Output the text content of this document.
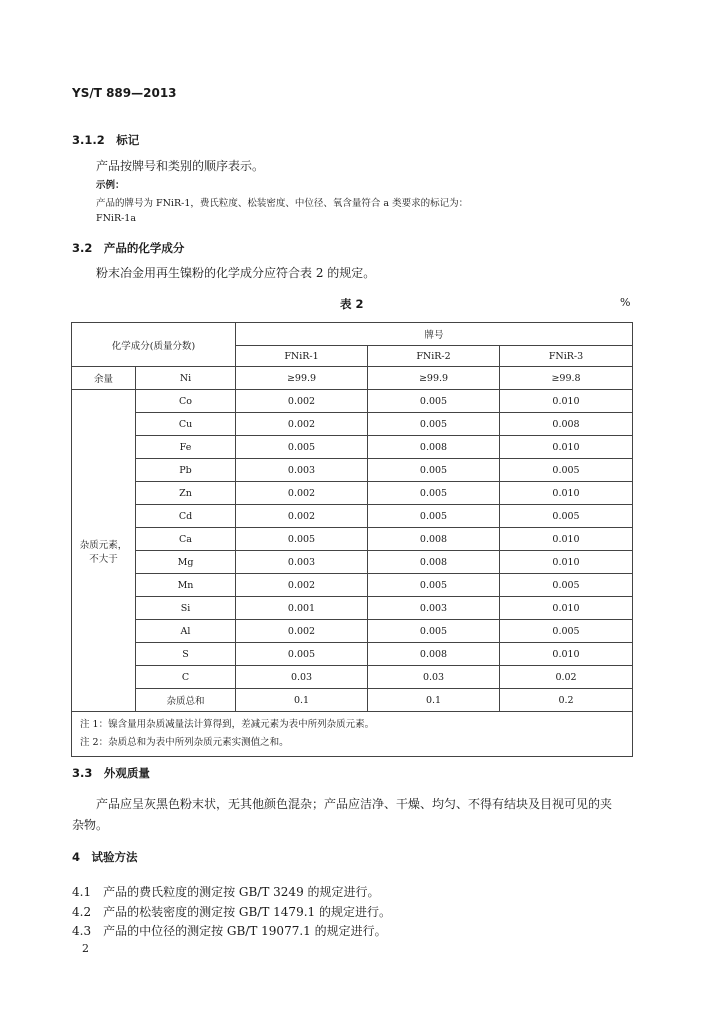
YS/T 889—2013
3.1.2　标记
产品按牌号和类别的顺序表示。
示例：
产品的牌号为 FNiR-1，费氏粒度、松装密度、中位径、氧含量符合 a 类要求的标记为：
FNiR-1a
3.2　产品的化学成分
粉末冶金用再生镍粉的化学成分应符合表 2 的规定。
表 2	%
化学成分(质量分数)		牌号		
		FNiR-1	FNiR-2	FNiR-3
余量	Ni	≥99.9	≥99.9	≥99.8

杂质元素，
不大于	Co	0.002	0.005	0.010
	Cu	0.002	0.005	0.008
	Fe	0.005	0.008	0.010
	Pb	0.003	0.005	0.005
	Zn	0.002	0.005	0.010
	Cd	0.002	0.005	0.005
	Ca	0.005	0.008	0.010
	Mg	0.003	0.008	0.010
	Mn	0.002	0.005	0.005
	Si	0.001	0.003	0.010
	Al	0.002	0.005	0.005
	S	0.005	0.008	0.010
	C	0.03	0.03	0.02
	杂质总和	0.1	0.1	0.2

注 1：镍含量用杂质减量法计算得到，差减元素为表中所列杂质元素。
注 2：杂质总和为表中所列杂质元素实测值之和。				
3.3　外观质量
产品应呈灰黑色粉末状，无其他颜色混杂；产品应洁净、干燥、均匀、不得有结块及目视可见的夹
杂物。
4　试验方法
4.1　产品的费氏粒度的测定按 GB/T 3249 的规定进行。
4.2　产品的松装密度的测定按 GB/T 1479.1 的规定进行。
4.3　产品的中位径的测定按 GB/T 19077.1 的规定进行。
2
